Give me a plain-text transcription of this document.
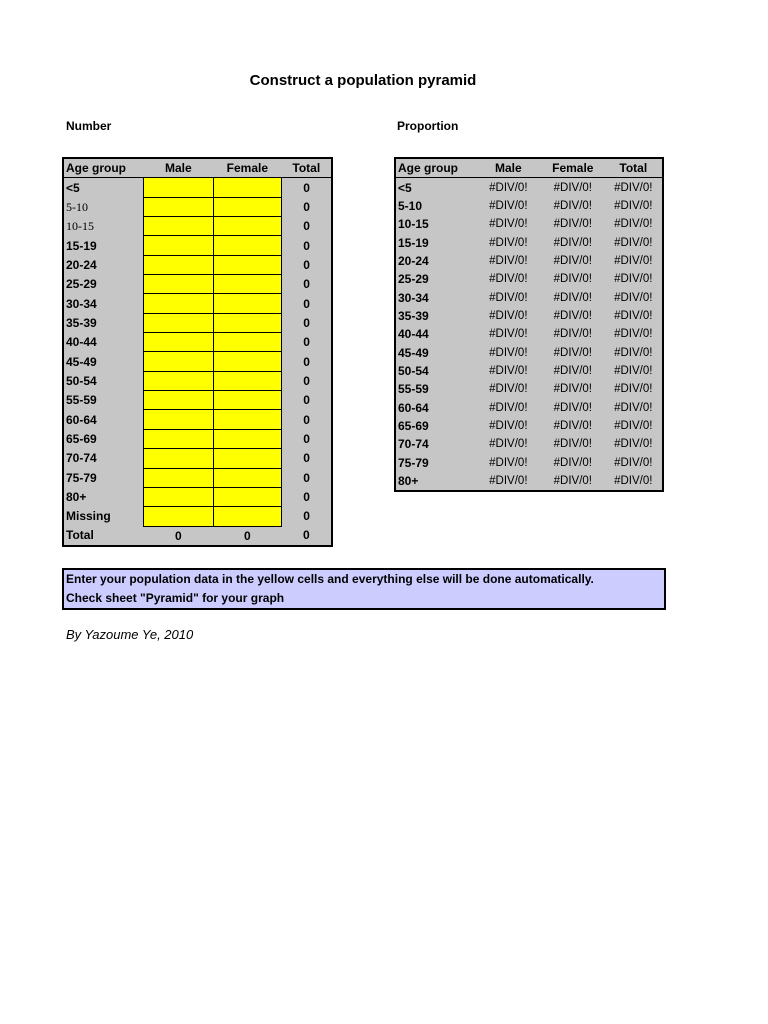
Construct a population pyramid
Number	Proportion
Age group	Male	Female	Total
<5			0
5-10			0
10-15			0
15-19			0
20-24			0
25-29			0
30-34			0
35-39			0
40-44			0
45-49			0
50-54			0
55-59			0
60-64			0
65-69			0
70-74			0
75-79			0
80+			0
Missing			0
Total	0	0	0
Age group	Male	Female	Total
<5	#DIV/0!	#DIV/0!	#DIV/0!
5-10	#DIV/0!	#DIV/0!	#DIV/0!
10-15	#DIV/0!	#DIV/0!	#DIV/0!
15-19	#DIV/0!	#DIV/0!	#DIV/0!
20-24	#DIV/0!	#DIV/0!	#DIV/0!
25-29	#DIV/0!	#DIV/0!	#DIV/0!
30-34	#DIV/0!	#DIV/0!	#DIV/0!
35-39	#DIV/0!	#DIV/0!	#DIV/0!
40-44	#DIV/0!	#DIV/0!	#DIV/0!
45-49	#DIV/0!	#DIV/0!	#DIV/0!
50-54	#DIV/0!	#DIV/0!	#DIV/0!
55-59	#DIV/0!	#DIV/0!	#DIV/0!
60-64	#DIV/0!	#DIV/0!	#DIV/0!
65-69	#DIV/0!	#DIV/0!	#DIV/0!
70-74	#DIV/0!	#DIV/0!	#DIV/0!
75-79	#DIV/0!	#DIV/0!	#DIV/0!
80+	#DIV/0!	#DIV/0!	#DIV/0!
Enter your population data in the yellow cells and everything else will be done automatically.
Check sheet "Pyramid" for your graph
By Yazoume Ye, 2010
